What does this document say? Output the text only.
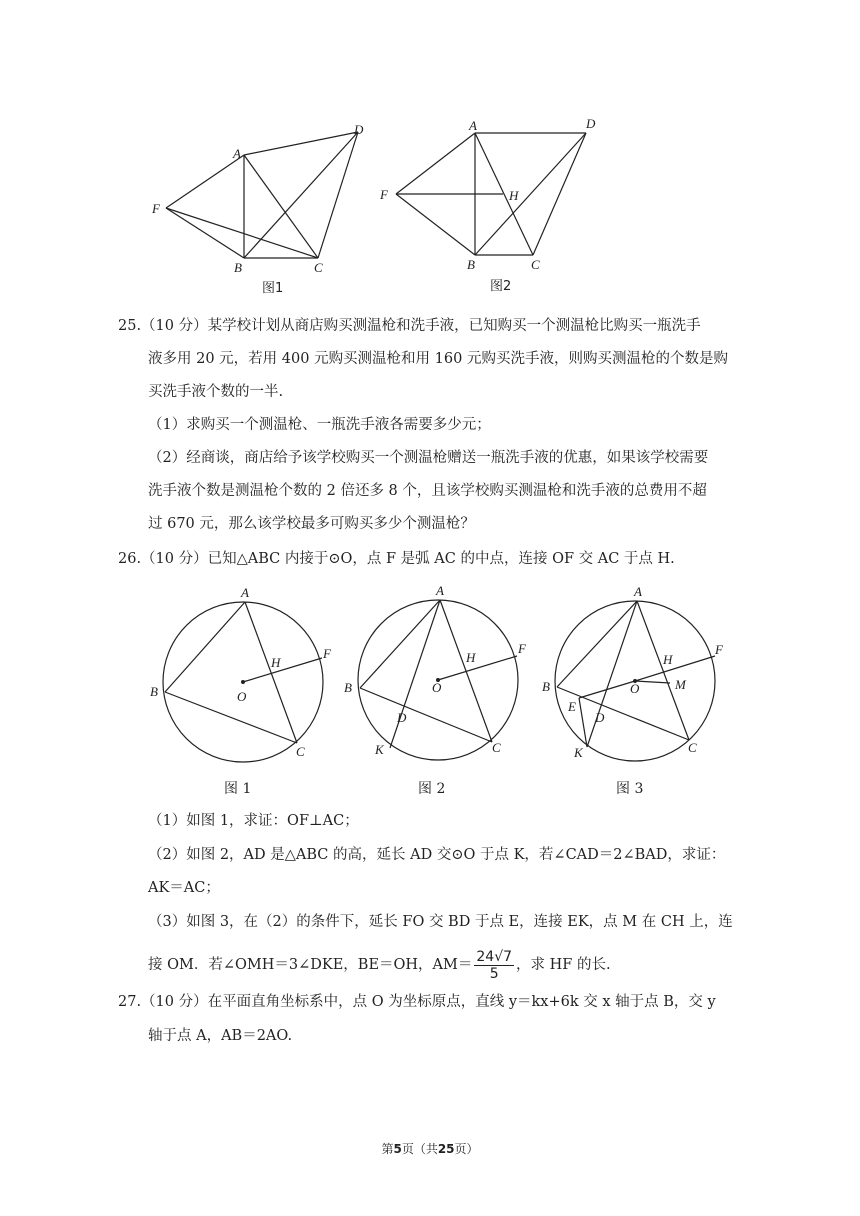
A
D
F
B	C
图1
A	D
F	H
B	C
图2
25.（10 分）某学校计划从商店购买测温枪和洗手液，已知购买一个测温枪比购买一瓶洗手
液多用 20 元，若用 400 元购买测温枪和用 160 元购买洗手液，则购买测温枪的个数是购
买洗手液个数的一半.
（1）求购买一个测温枪、一瓶洗手液各需要多少元；
（2）经商谈，商店给予该学校购买一个测温枪赠送一瓶洗手液的优惠，如果该学校需要
洗手液个数是测温枪个数的 2 倍还多 8 个，且该学校购买测温枪和洗手液的总费用不超
过 670 元，那么该学校最多可购买多少个测温枪？
26.（10 分）已知△ABC 内接于⊙O，点 F 是弧 AC 的中点，连接 OF 交 AC 于点 H.
A
B
C
O
H
F
图 1
A
B
C
O
H
F
D
K
图 2
A
B
C
O
H
F
D
E
M
K
图 3
（1）如图 1，求证：OF⊥AC；
（2）如图 2，AD 是△ABC 的高，延长 AD 交⊙O 于点 K，若∠CAD＝2∠BAD，求证：
AK＝AC；
（3）如图 3，在（2）的条件下，延长 FO 交 BD 于点 E，连接 EK，点 M 在 CH 上，连
接 OM．若∠OMH＝3∠DKE，BE＝OH，$AM= \frac{24√7}{5}$ ，求 HF 的长.
27.（10 分）在平面直角坐标系中，点 O 为坐标原点，直线 y＝kx+6k 交 x 轴于点 B，交 y
轴于点 A，AB＝2AO.
第5页（共25页）
